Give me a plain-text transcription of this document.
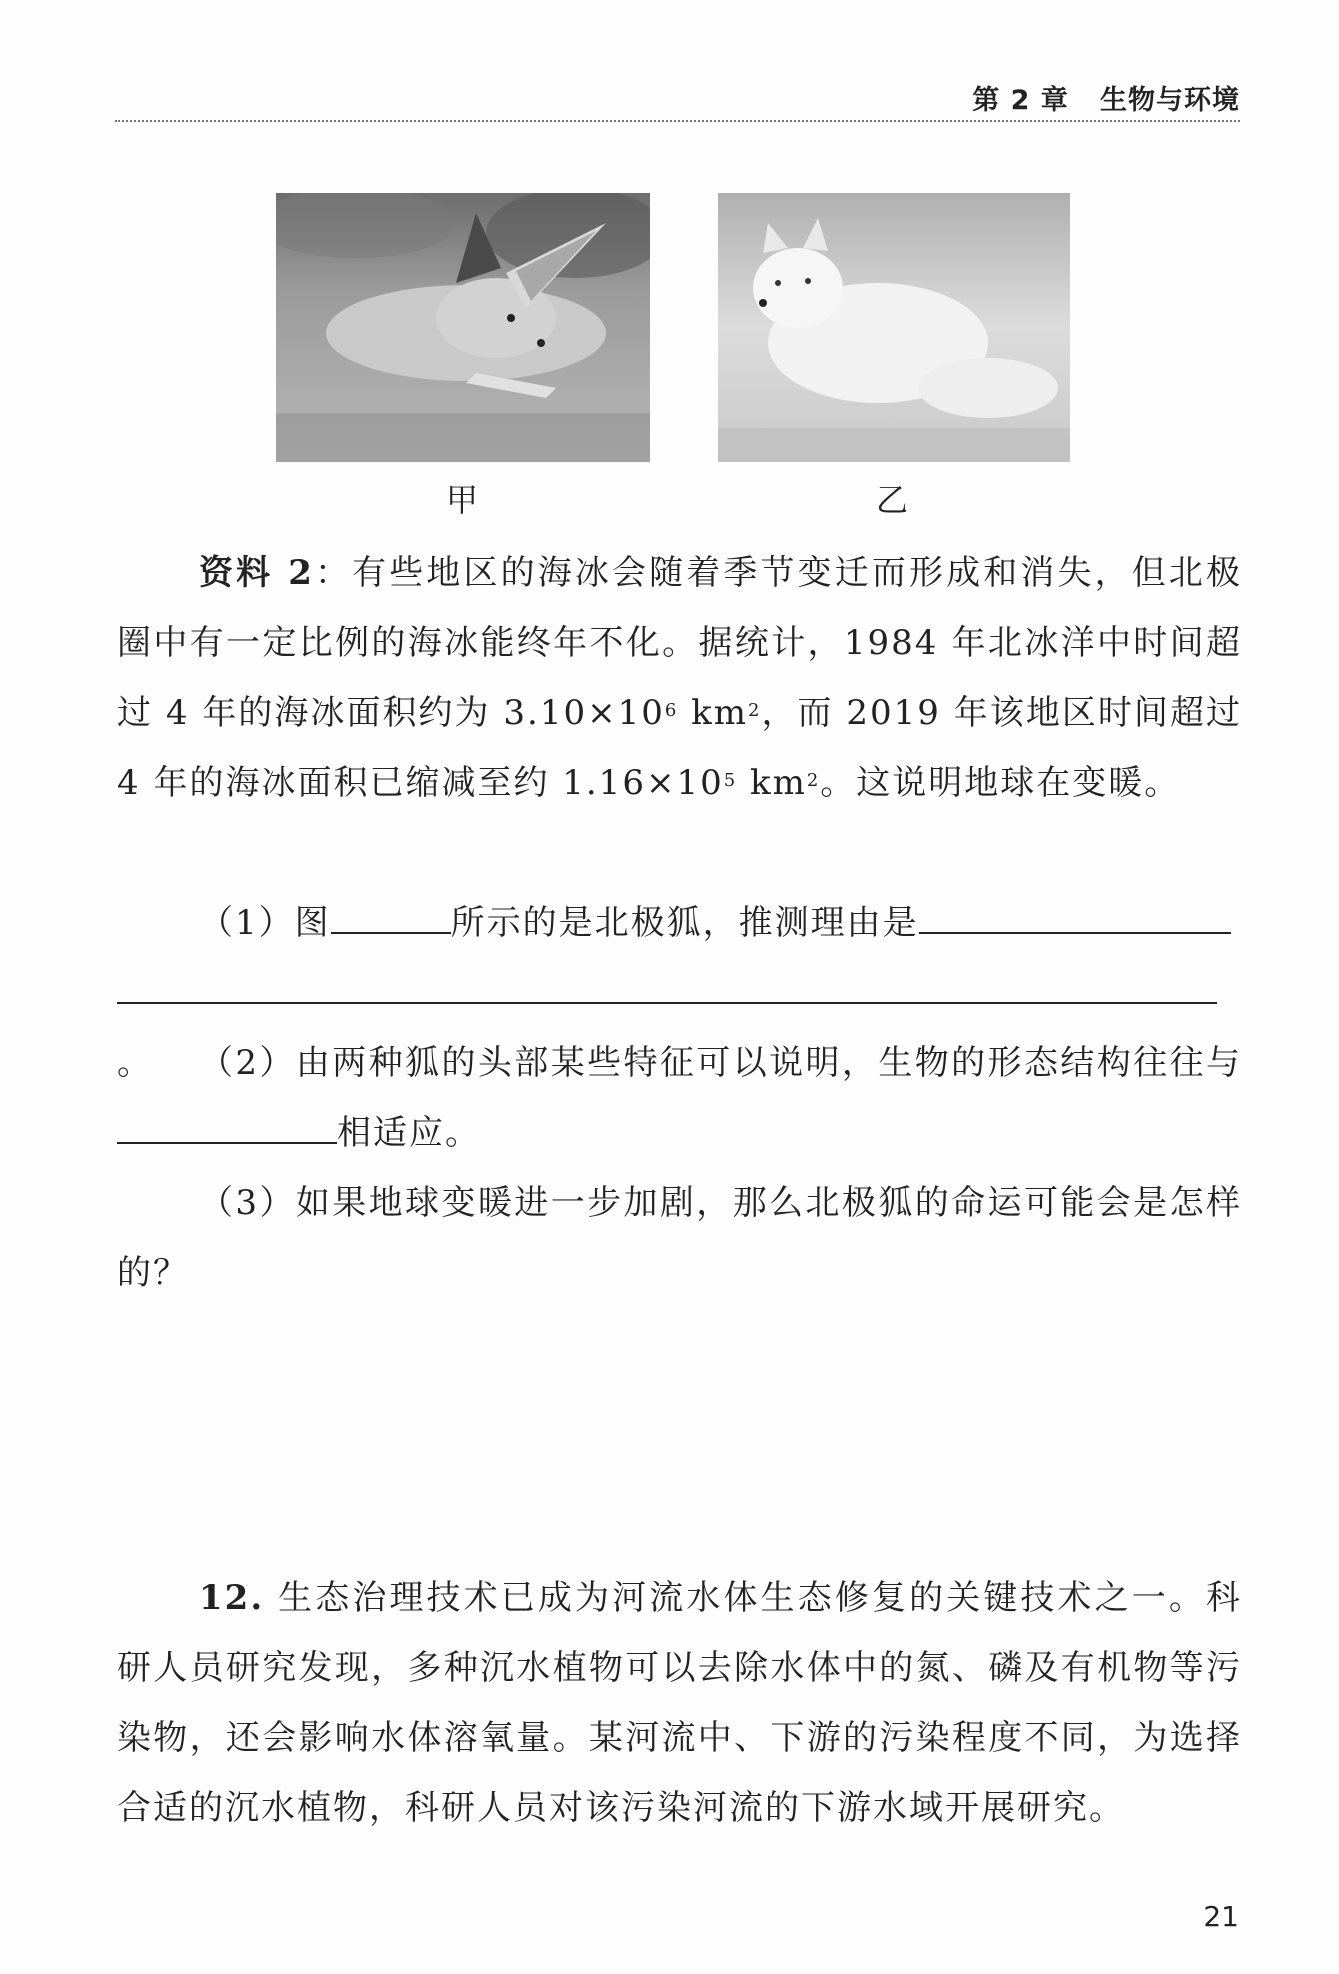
第 2 章 生物与环境
甲	乙

资料 2：有些地区的海冰会随着季节变迁而形成和消失，但北极圈中有一定比例的海冰能终年不化。据统计，1984 年北冰洋中时间超过 4 年的海冰面积约为 $3.10\times 10^6$ $km^2$，而 2019 年该地区时间超过 4 年的海冰面积已缩减至约 $1.16\times 10^5$ $km^2$。这说明地球在变暖。

（1）图	所示的是北极狐，推测理由是

。	（2）由两种狐的头部某些特征可以说明，生物的形态结构往往与相适应。

（3）如果地球变暖进一步加剧，那么北极狐的命运可能会是怎样的？

12. 生态治理技术已成为河流水体生态修复的关键技术之一。科研人员研究发现，多种沉水植物可以去除水体中的氮、磷及有机物等污染物，还会影响水体溶氧量。某河流中、下游的污染程度不同，为选择合适的沉水植物，科研人员对该污染河流的下游水域开展研究。

21
